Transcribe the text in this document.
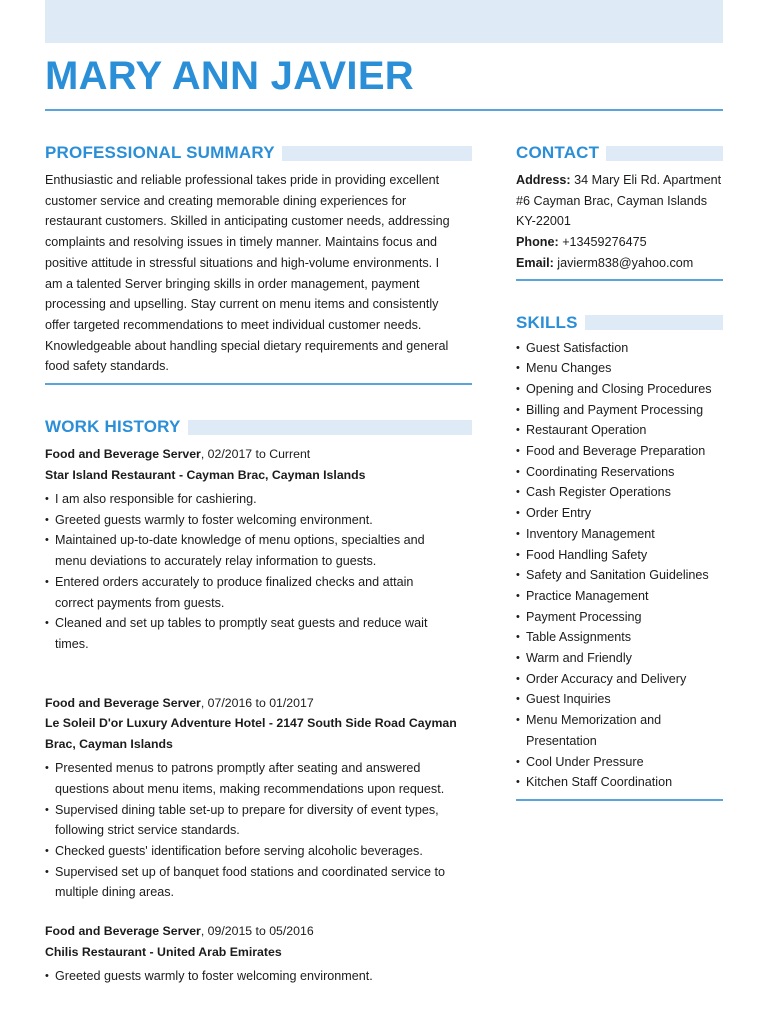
MARY ANN JAVIER
PROFESSIONAL SUMMARY

Enthusiastic and reliable professional takes pride in providing excellent
customer service and creating memorable dining experiences for
restaurant customers. Skilled in anticipating customer needs, addressing
complaints and resolving issues in timely manner. Maintains focus and
positive attitude in stressful situations and high-volume environments. I
am a talented Server bringing skills in order management, payment
processing and upselling. Stay current on menu items and consistently
offer targeted recommendations to meet individual customer needs.
Knowledgeable about handling special dietary requirements and general
food safety standards.

WORK HISTORY
Food and Beverage Server, 02/2017 to Current
Star Island Restaurant - Cayman Brac, Cayman Islands
• I am also responsible for cashiering.
• Greeted guests warmly to foster welcoming environment.
• Maintained up-to-date knowledge of menu options, specialties and
menu deviations to accurately relay information to guests.
• Entered orders accurately to produce finalized checks and attain
correct payments from guests.
• Cleaned and set up tables to promptly seat guests and reduce wait
times.
Food and Beverage Server, 07/2016 to 01/2017
Le Soleil D'or Luxury Adventure Hotel - 2147 South Side Road Cayman
Brac, Cayman Islands
• Presented menus to patrons promptly after seating and answered
questions about menu items, making recommendations upon request.
• Supervised dining table set-up to prepare for diversity of event types,
following strict service standards.
• Checked guests' identification before serving alcoholic beverages.
• Supervised set up of banquet food stations and coordinated service to
multiple dining areas.
Food and Beverage Server, 09/2015 to 05/2016
Chilis Restaurant - United Arab Emirates
• Greeted guests warmly to foster welcoming environment.
CONTACT
Address: 34 Mary Eli Rd. Apartment
#6 Cayman Brac, Cayman Islands
KY-22001
Phone: +13459276475
Email: javierm838@yahoo.com
SKILLS
• Guest Satisfaction
• Menu Changes
• Opening and Closing Procedures
• Billing and Payment Processing
• Restaurant Operation
• Food and Beverage Preparation
• Coordinating Reservations
• Cash Register Operations
• Order Entry
• Inventory Management
• Food Handling Safety
• Safety and Sanitation Guidelines
• Practice Management
• Payment Processing
• Table Assignments
• Warm and Friendly
• Order Accuracy and Delivery
• Guest Inquiries
• Menu Memorization and
Presentation
• Cool Under Pressure
• Kitchen Staff Coordination
